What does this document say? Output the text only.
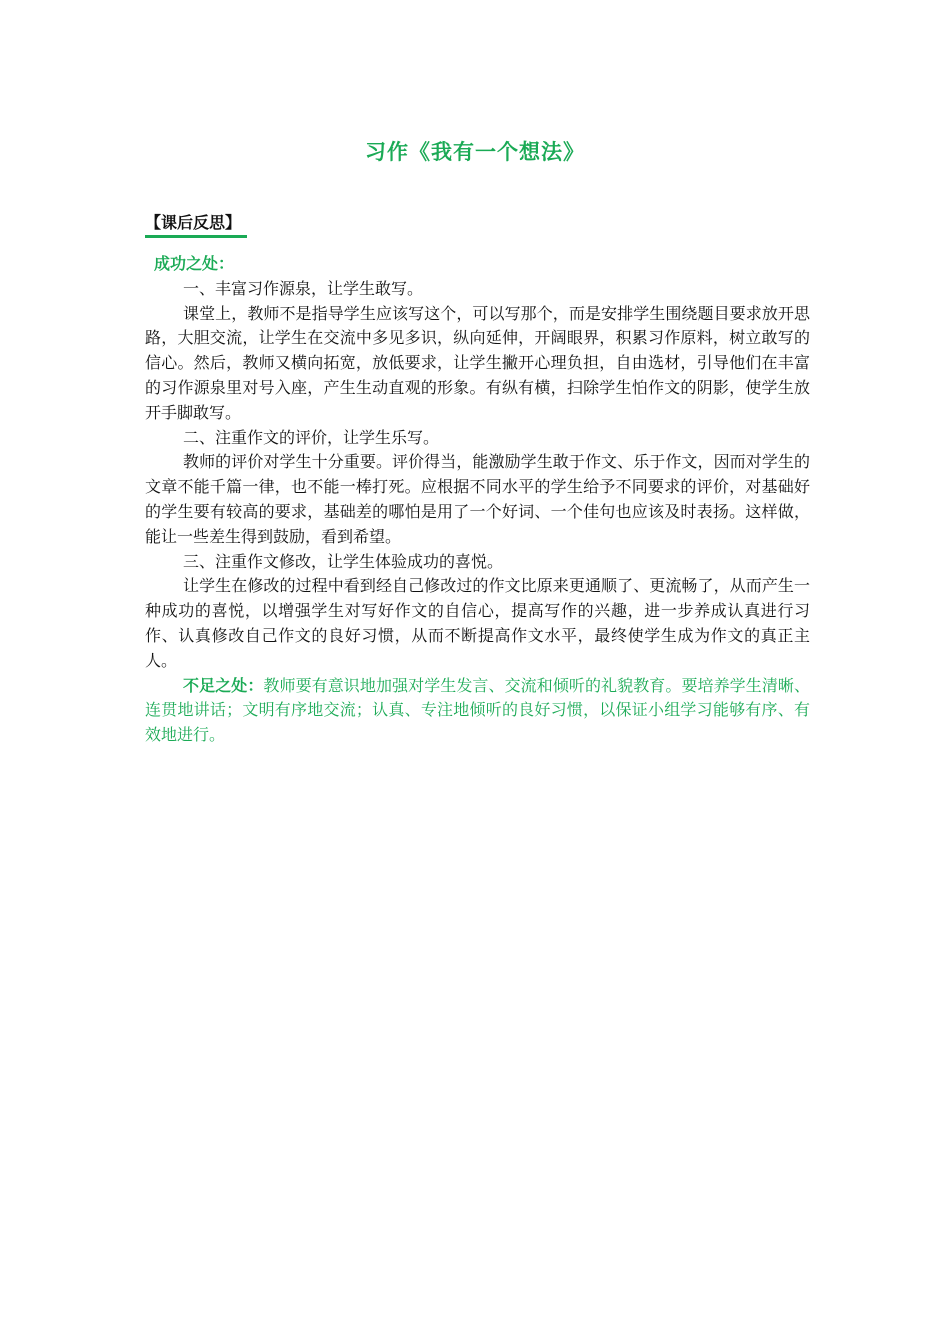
习作《我有一个想法》
【课后反思】

成功之处：

一、丰富习作源泉，让学生敢写。

课堂上，教师不是指导学生应该写这个，可以写那个，而是安排学生围绕题目要求放开思路，大胆交流，让学生在交流中多见多识，纵向延伸，开阔眼界，积累习作原料，树立敢写的信心。然后，教师又横向拓宽，放低要求，让学生撇开心理负担，自由选材，引导他们在丰富的习作源泉里对号入座，产生生动直观的形象。有纵有横，扫除学生怕作文的阴影，使学生放开手脚敢写。

二、注重作文的评价，让学生乐写。

教师的评价对学生十分重要。评价得当，能激励学生敢于作文、乐于作文，因而对学生的文章不能千篇一律，也不能一棒打死。应根据不同水平的学生给予不同要求的评价，对基础好的学生要有较高的要求，基础差的哪怕是用了一个好词、一个佳句也应该及时表扬。这样做，能让一些差生得到鼓励，看到希望。

三、注重作文修改，让学生体验成功的喜悦。

让学生在修改的过程中看到经自己修改过的作文比原来更通顺了、更流畅了，从而产生一种成功的喜悦，以增强学生对写好作文的自信心，提高写作的兴趣，进一步养成认真进行习作、认真修改自己作文的良好习惯，从而不断提高作文水平，最终使学生成为作文的真正主人。

不足之处：教师要有意识地加强对学生发言、交流和倾听的礼貌教育。要培养学生清晰、连贯地讲话；文明有序地交流；认真、专注地倾听的良好习惯，以保证小组学习能够有序、有效地进行。
